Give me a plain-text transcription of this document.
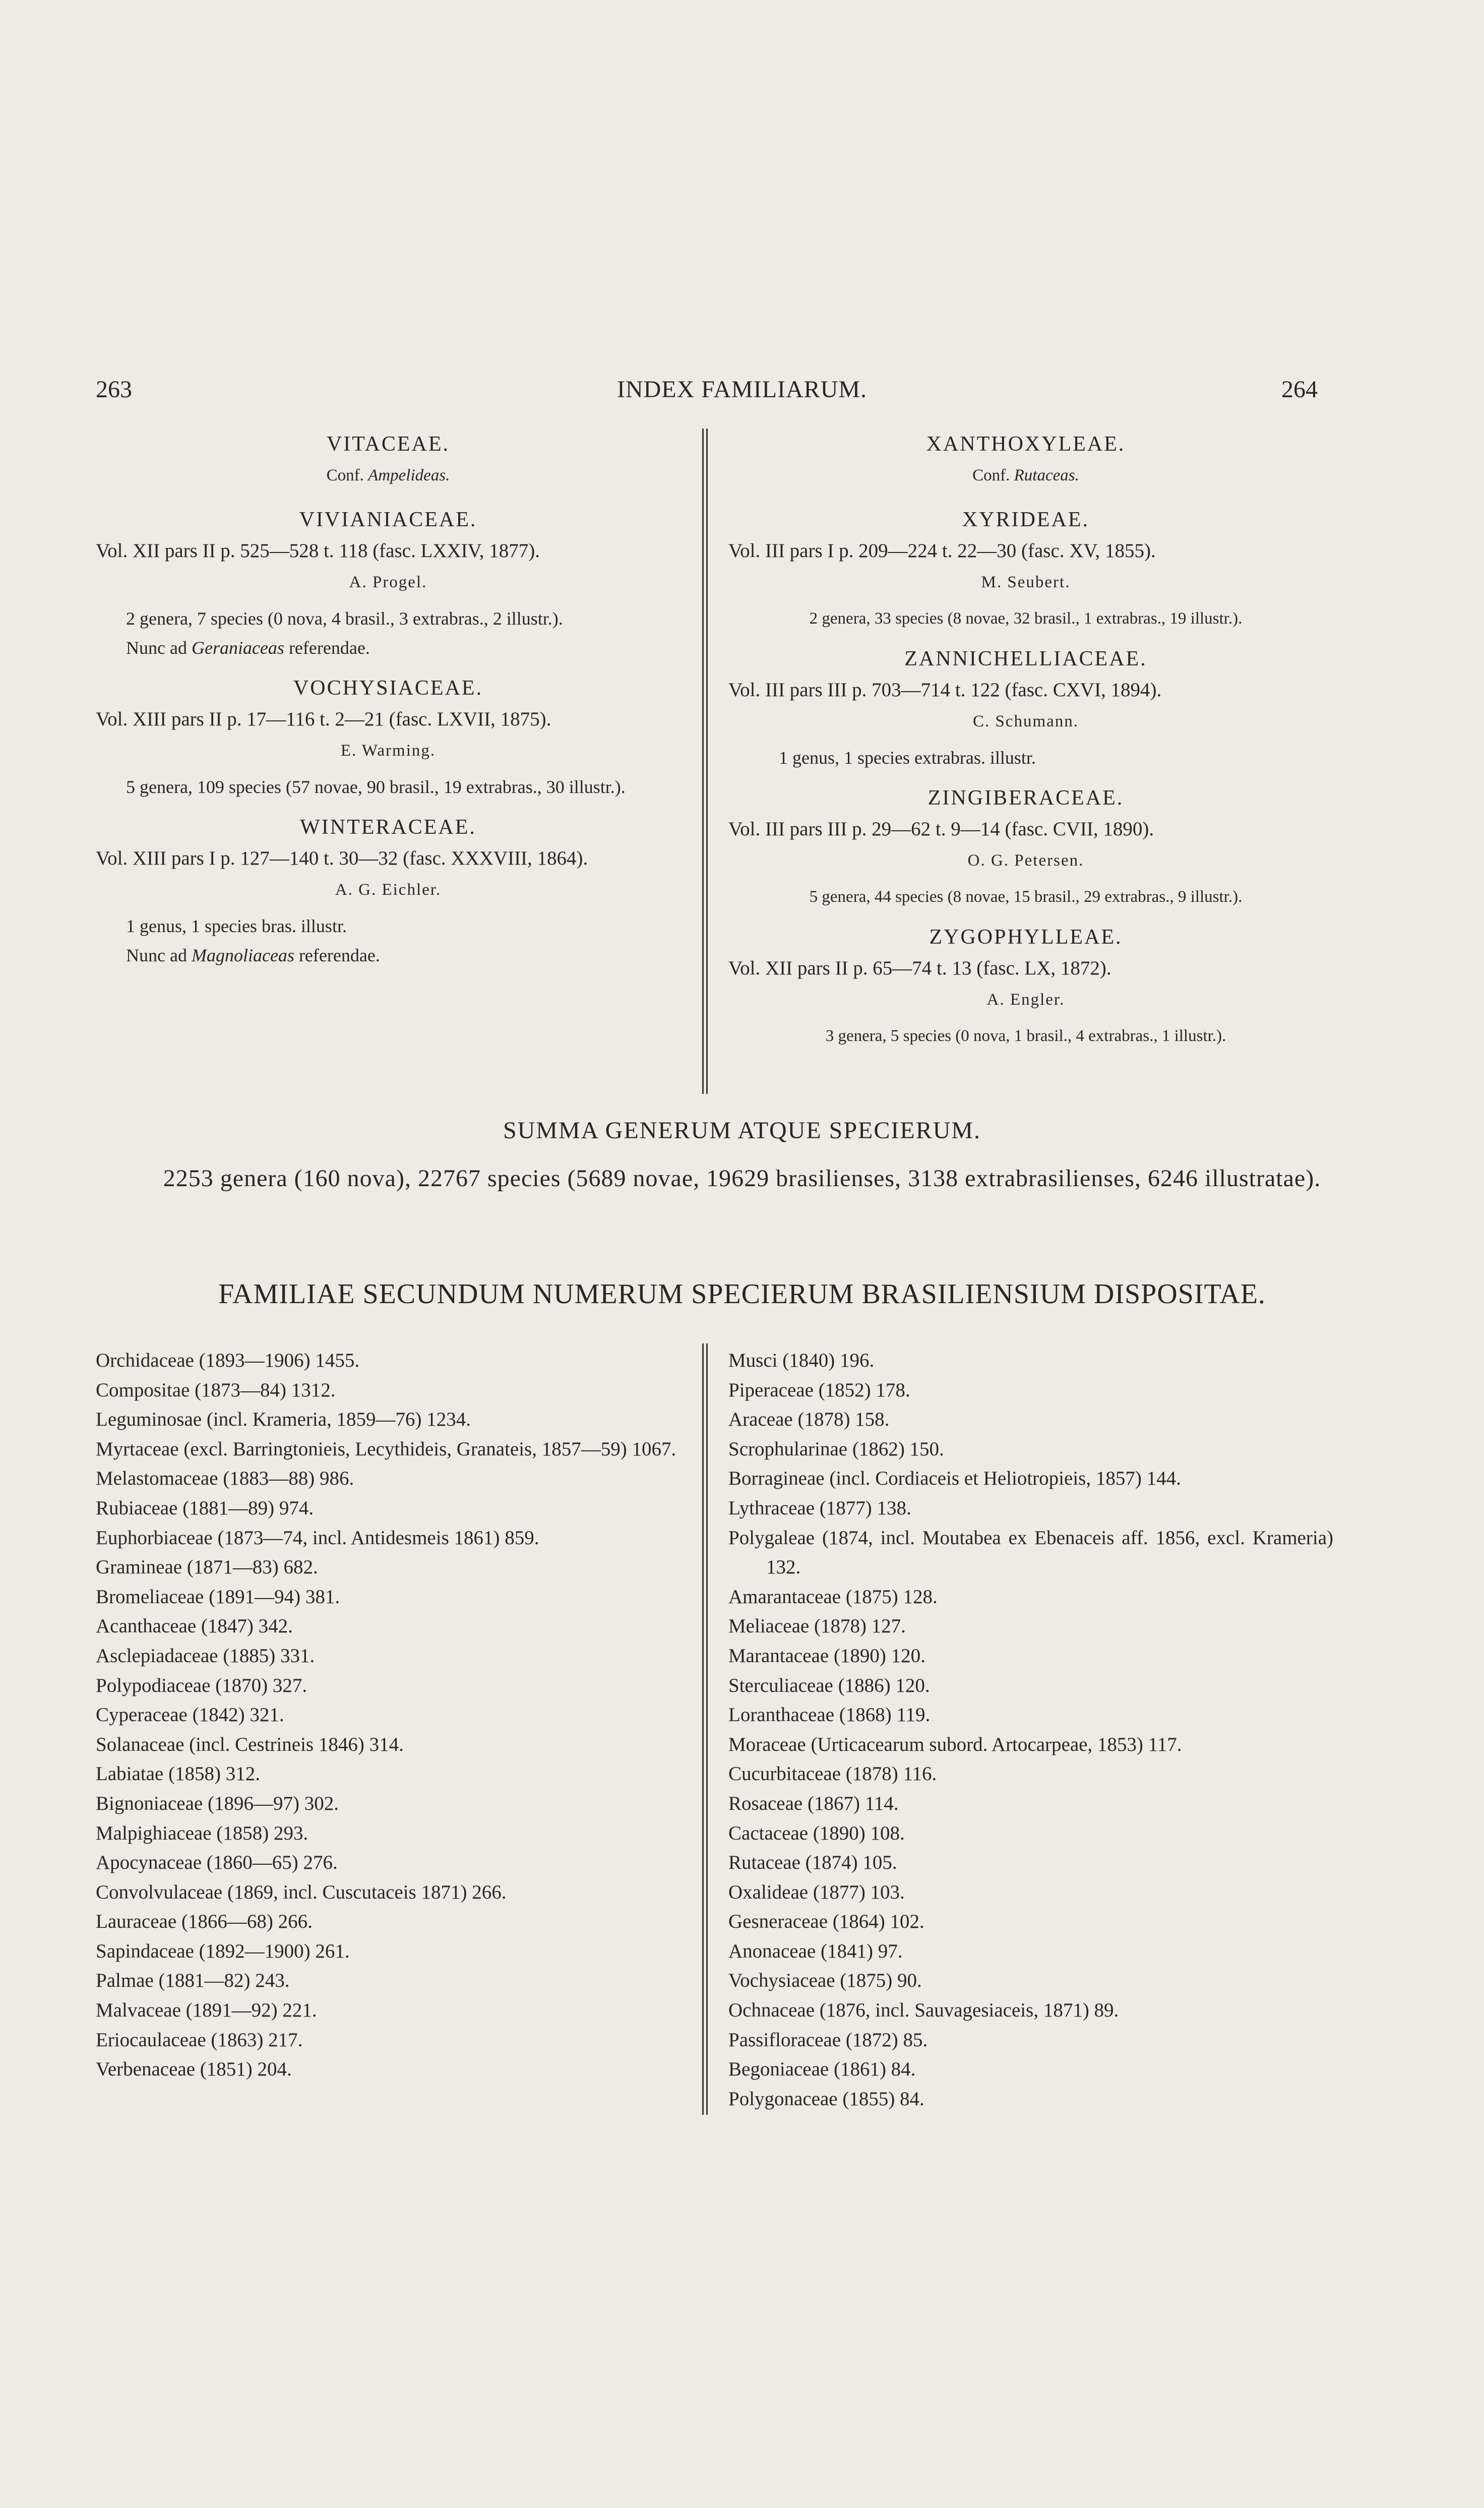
263	INDEX FAMILIARUM.	264
VITACEAE.
Conf. Ampelideas.
VIVIANIACEAE.
Vol. XII pars II p. 525—528 t. 118 (fasc. LXXIV, 1877).
A. Progel.
2 genera, 7 species (0 nova, 4 brasil., 3 extrabras., 2 illustr.).
Nunc ad Geraniaceas referendae.
VOCHYSIACEAE.
Vol. XIII pars II p. 17—116 t. 2—21 (fasc. LXVII, 1875).
E. Warming.
5 genera, 109 species (57 novae, 90 brasil., 19 extrabras., 30 illustr.).
WINTERACEAE.
Vol. XIII pars I p. 127—140 t. 30—32 (fasc. XXXVIII, 1864).
A. G. Eichler.
1 genus, 1 species bras. illustr.
Nunc ad Magnoliaceas referendae.
XANTHOXYLEAE.
Conf. Rutaceas.
XYRIDEAE.
Vol. III pars I p. 209—224 t. 22—30 (fasc. XV, 1855).
M. Seubert.
2 genera, 33 species (8 novae, 32 brasil., 1 extrabras., 19 illustr.).
ZANNICHELLIACEAE.
Vol. III pars III p. 703—714 t. 122 (fasc. CXVI, 1894).
C. Schumann.
1 genus, 1 species extrabras. illustr.
ZINGIBERACEAE.
Vol. III pars III p. 29—62 t. 9—14 (fasc. CVII, 1890).
O. G. Petersen.
5 genera, 44 species (8 novae, 15 brasil., 29 extrabras., 9 illustr.).
ZYGOPHYLLEAE.
Vol. XII pars II p. 65—74 t. 13 (fasc. LX, 1872).
A. Engler.
3 genera, 5 species (0 nova, 1 brasil., 4 extrabras., 1 illustr.).
SUMMA GENERUM ATQUE SPECIERUM.
2253 genera (160 nova), 22767 species (5689 novae, 19629 brasilienses, 3138 extrabrasilienses, 6246 illustratae).
FAMILIAE SECUNDUM NUMERUM SPECIERUM BRASILIENSIUM DISPOSITAE.
Orchidaceae (1893—1906) 1455.
Compositae (1873—84) 1312.
Leguminosae (incl. Krameria, 1859—76) 1234.
Myrtaceae (excl. Barringtonieis, Lecythideis, Granateis, 1857—59) 1067.
Melastomaceae (1883—88) 986.
Rubiaceae (1881—89) 974.
Euphorbiaceae (1873—74, incl. Antidesmeis 1861) 859.
Gramineae (1871—83) 682.
Bromeliaceae (1891—94) 381.
Acanthaceae (1847) 342.
Asclepiadaceae (1885) 331.
Polypodiaceae (1870) 327.
Cyperaceae (1842) 321.
Solanaceae (incl. Cestrineis 1846) 314.
Labiatae (1858) 312.
Bignoniaceae (1896—97) 302.
Malpighiaceae (1858) 293.
Apocynaceae (1860—65) 276.
Convolvulaceae (1869, incl. Cuscutaceis 1871) 266.
Lauraceae (1866—68) 266.
Sapindaceae (1892—1900) 261.
Palmae (1881—82) 243.
Malvaceae (1891—92) 221.
Eriocaulaceae (1863) 217.
Verbenaceae (1851) 204.
Musci (1840) 196.
Piperaceae (1852) 178.
Araceae (1878) 158.
Scrophularinae (1862) 150.
Borragineae (incl. Cordiaceis et Heliotropieis, 1857) 144.
Lythraceae (1877) 138.
Polygaleae (1874, incl. Moutabea ex Ebenaceis aff. 1856, excl. Krameria) 132.
Amarantaceae (1875) 128.
Meliaceae (1878) 127.
Marantaceae (1890) 120.
Sterculiaceae (1886) 120.
Loranthaceae (1868) 119.
Moraceae (Urticacearum subord. Artocarpeae, 1853) 117.
Cucurbitaceae (1878) 116.
Rosaceae (1867) 114.
Cactaceae (1890) 108.
Rutaceae (1874) 105.
Oxalideae (1877) 103.
Gesneraceae (1864) 102.
Anonaceae (1841) 97.
Vochysiaceae (1875) 90.
Ochnaceae (1876, incl. Sauvagesiaceis, 1871) 89.
Passifloraceae (1872) 85.
Begoniaceae (1861) 84.
Polygonaceae (1855) 84.
